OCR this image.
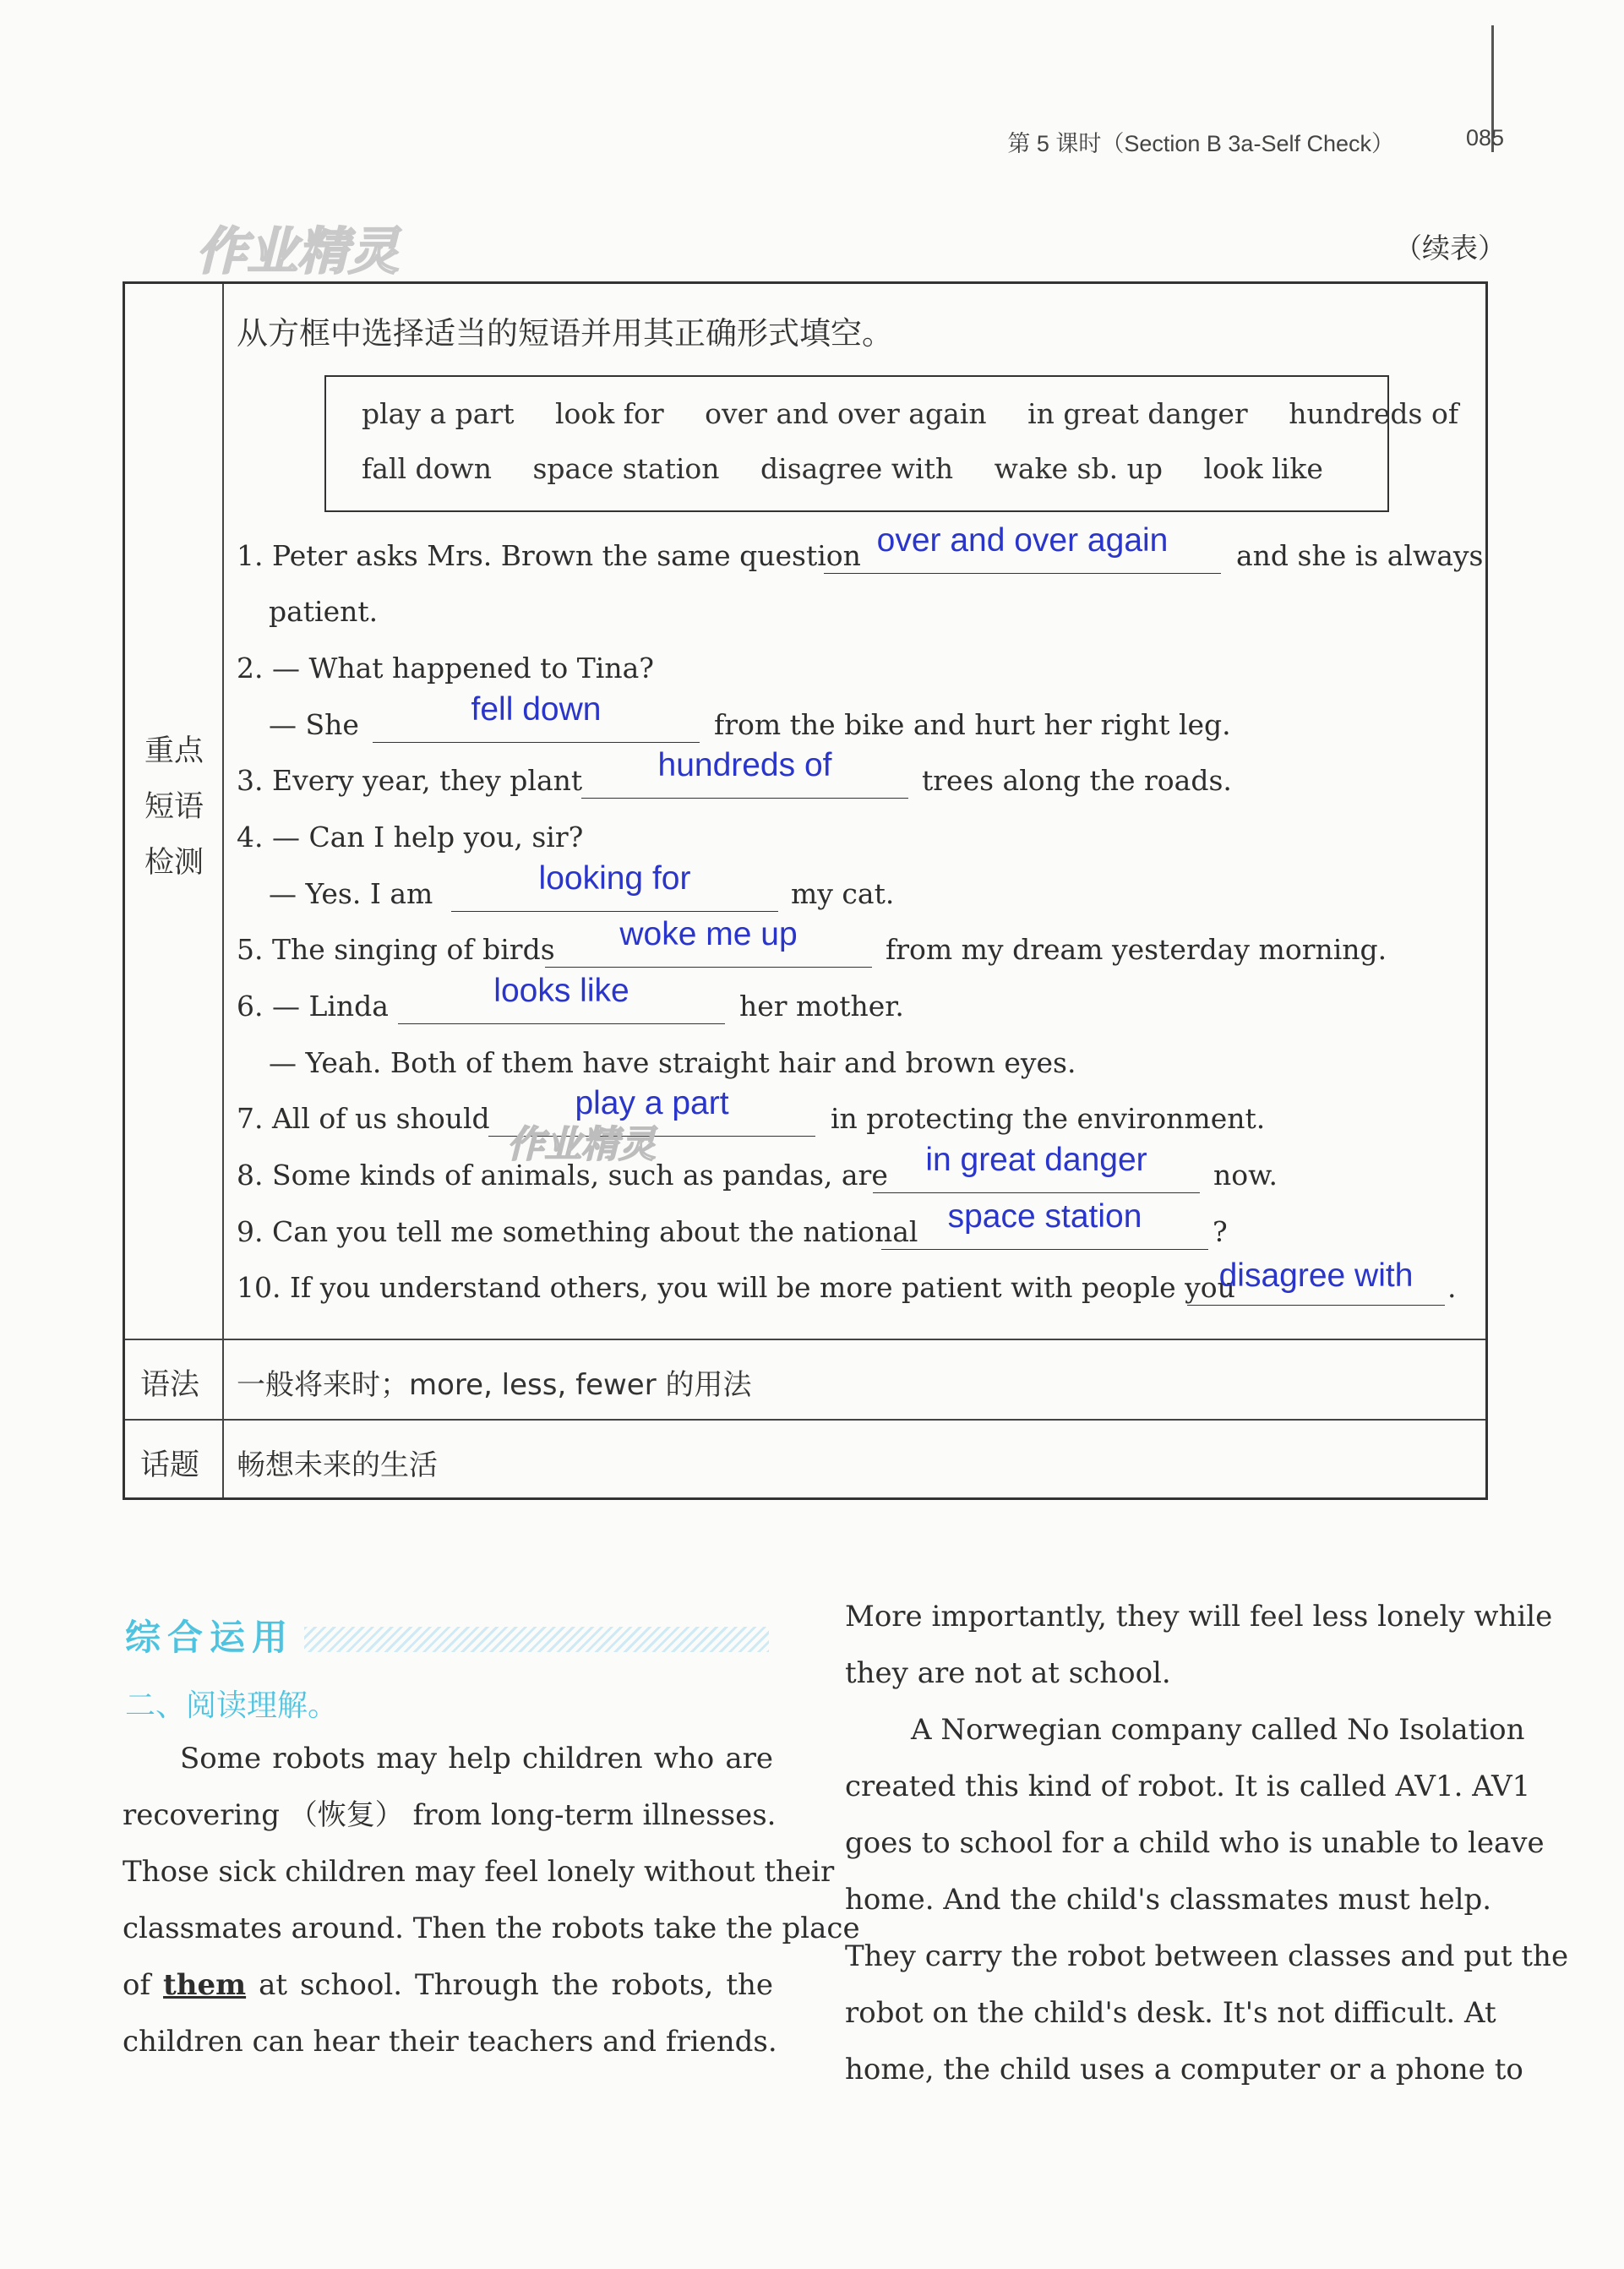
第 5 课时（Section B 3a-Self Check）	085
作业精灵	（续表）
重点
短语
检测
从方框中选择适当的短语并用其正确形式填空。
play a part look for over and over again in great danger hundreds of
fall down space station disagree with wake sb. up look like
1. Peter asks Mrs. Brown the same question over and over again	and she is always
patient.
2. — What happened to Tina?
— She	fell down	from the bike and hurt her right leg.
3. Every year, they plant	hundreds of	trees along the roads.
4. — Can I help you, sir?
— Yes. I am	looking for	my cat.
5. The singing of birds	woke me up	from my dream yesterday morning.
6. — Linda	looks like	her mother.
— Yeah. Both of them have straight hair and brown eyes.
7. All of us should	play a part	in protecting the environment.
8. Some kinds of animals, such as pandas, are	in great danger	now.
9. Can you tell me something about the national space station	?
10. If you understand others, you will be more patient with people you
disagree with	.
语法 一般将来时；more, less, fewer 的用法
话题 畅想未来的生活
作业精灵
综合运用
二、阅读理解。
Some robots may help children who are
recovering （恢复） from long-term illnesses.
Those sick children may feel lonely without their
classmates around. Then the robots take the place
of them at school. Through the robots, the
children can hear their teachers and friends.
More importantly, they will feel less lonely while
they are not at school.
A Norwegian company called No Isolation
created this kind of robot. It is called AV1. AV1
goes to school for a child who is unable to leave
home. And the child's classmates must help.
They carry the robot between classes and put the
robot on the child's desk. It's not difficult. At
home, the child uses a computer or a phone to
